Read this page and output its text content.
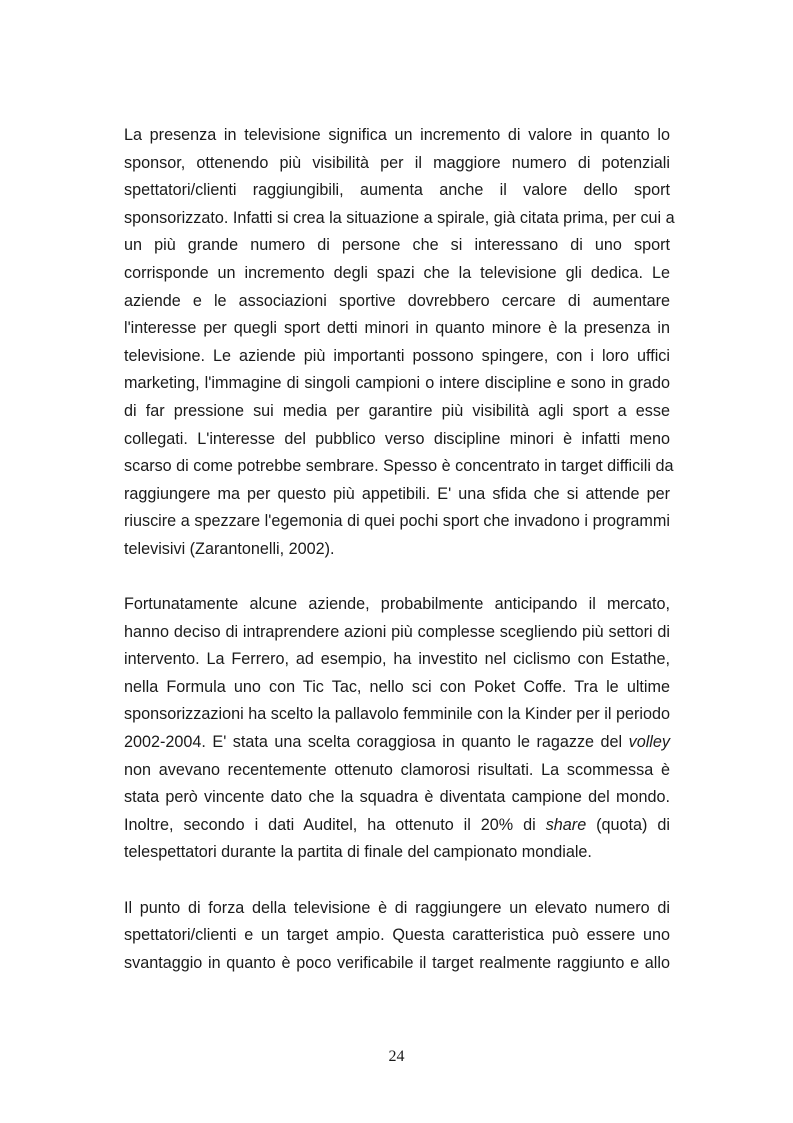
La presenza in televisione significa un incremento di valore in quanto lo
sponsor, ottenendo più visibilità per il maggiore numero di potenziali
spettatori/clienti raggiungibili, aumenta anche il valore dello sport
sponsorizzato. Infatti si crea la situazione a spirale, già citata prima, per cui a
un più grande numero di persone che si interessano di uno sport
corrisponde un incremento degli spazi che la televisione gli dedica. Le
aziende e le associazioni sportive dovrebbero cercare di aumentare
l'interesse per quegli sport detti minori in quanto minore è la presenza in
televisione. Le aziende più importanti possono spingere, con i loro uffici
marketing, l'immagine di singoli campioni o intere discipline e sono in grado
di far pressione sui media per garantire più visibilità agli sport a esse
collegati. L'interesse del pubblico verso discipline minori è infatti meno
scarso di come potrebbe sembrare. Spesso è concentrato in target difficili da
raggiungere ma per questo più appetibili. E' una sfida che si attende per
riuscire a spezzare l'egemonia di quei pochi sport che invadono i programmi
televisivi (Zarantonelli, 2002).
Fortunatamente alcune aziende, probabilmente anticipando il mercato,
hanno deciso di intraprendere azioni più complesse scegliendo più settori di
intervento. La Ferrero, ad esempio, ha investito nel ciclismo con Estathe,
nella Formula uno con Tic Tac, nello sci con Poket Coffe. Tra le ultime
sponsorizzazioni ha scelto la pallavolo femminile con la Kinder per il periodo
2002-2004. E' stata una scelta coraggiosa in quanto le ragazze del volley
non avevano recentemente ottenuto clamorosi risultati. La scommessa è
stata però vincente dato che la squadra è diventata campione del mondo.
Inoltre, secondo i dati Auditel, ha ottenuto il 20% di share (quota) di
telespettatori durante la partita di finale del campionato mondiale.
Il punto di forza della televisione è di raggiungere un elevato numero di
spettatori/clienti e un target ampio. Questa caratteristica può essere uno
svantaggio in quanto è poco verificabile il target realmente raggiunto e allo
24
